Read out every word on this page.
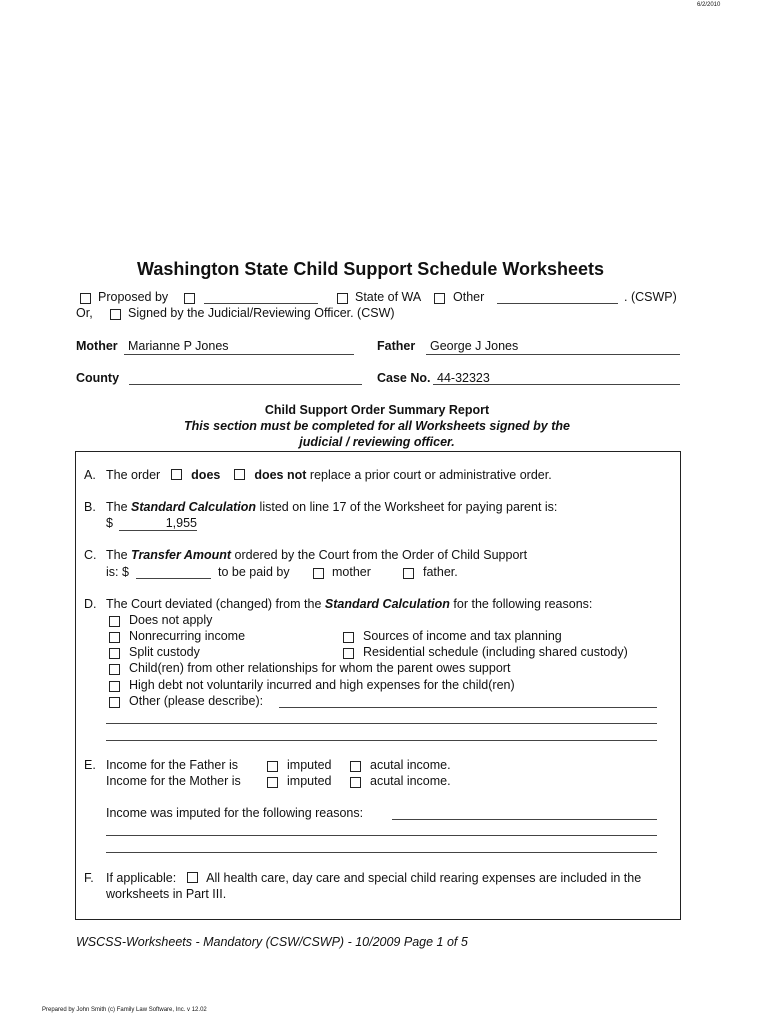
6/2/2010
Washington State Child Support Schedule Worksheets
Proposed by	State of WA	Other	. (CSWP)
Or,	Signed by the Judicial/Reviewing Officer. (CSW)
Mother Marianne P Jones	Father George J Jones
County	Case No. 44-32323
Child Support Order Summary Report
This section must be completed for all Worksheets signed by the
judicial / reviewing officer.
A. The order does	does not replace a prior court or administrative order.
B. The Standard Calculation listed on line 17 of the Worksheet for paying parent is:
$	1,955
C. The Transfer Amount ordered by the Court from the Order of Child Support
is: $	to be paid by	mother	father.
D. The Court deviated (changed) from the Standard Calculation for the following reasons:
Does not apply
Nonrecurring income	Sources of income and tax planning
Split custody	Residential schedule (including shared custody)
Child(ren) from other relationships for whom the parent owes support
High debt not voluntarily incurred and high expenses for the child(ren)
Other (please describe):
E. Income for the Father is	imputed	acutal income.
Income for the Mother is	imputed	acutal income.
Income was imputed for the following reasons:
F. If applicable: All health care, day care and special child rearing expenses are included in the
worksheets in Part III.
WSCSS-Worksheets - Mandatory (CSW/CSWP) - 10/2009 Page 1 of 5
Prepared by John Smith (c) Family Law Software, Inc. v 12.02
